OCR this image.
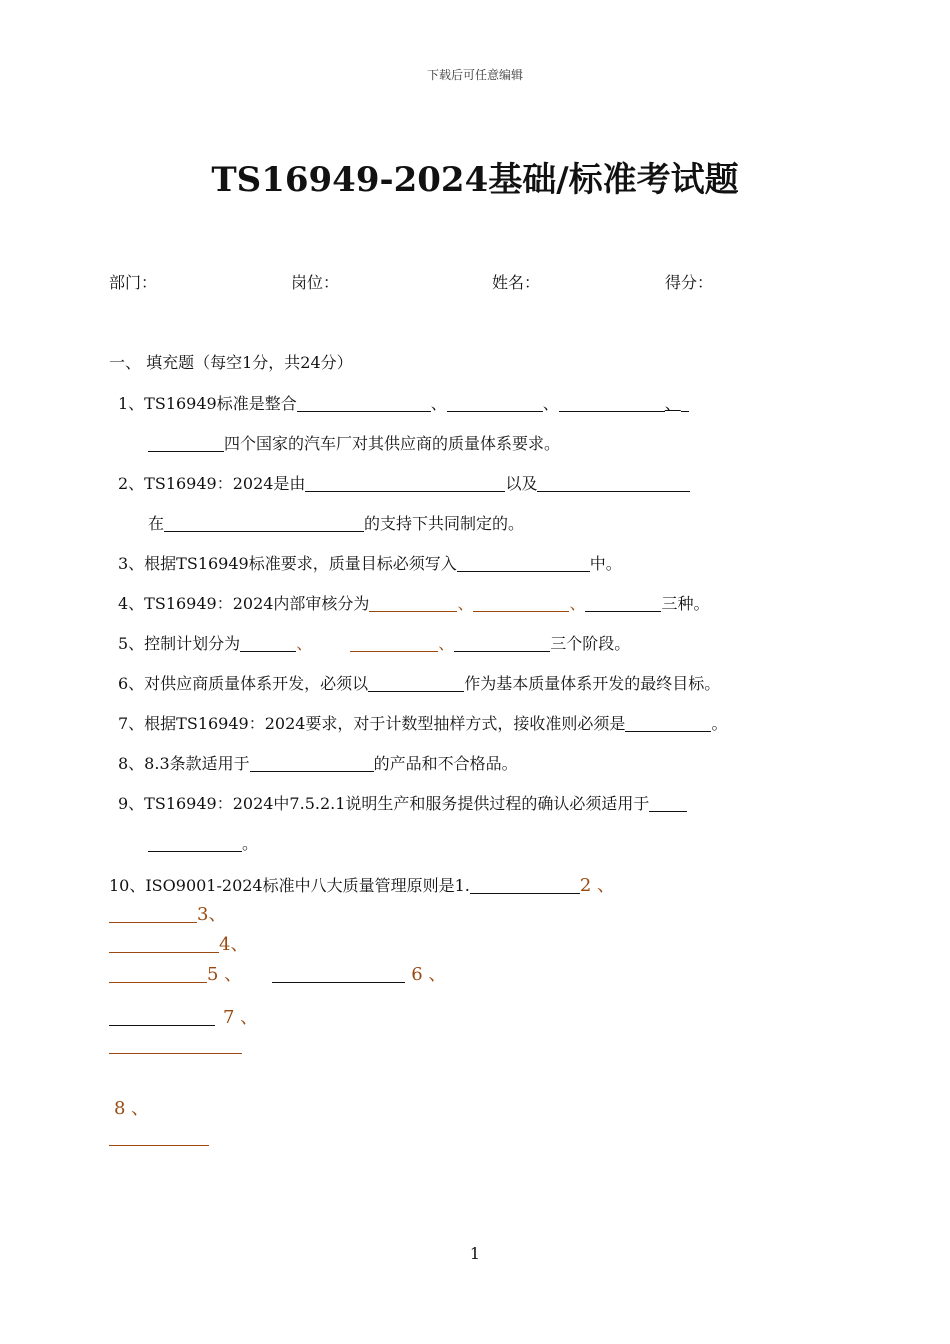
下载后可任意编辑
TS16949-2024基础/标准考试题
部门：	岗位：	姓名：	得分：
一、 填充题（每空1分，共24分）
1、TS16949标准是整合	、	、	、
四个国家的汽车厂对其供应商的质量体系要求。
2、TS16949：2024是由	以及
在	的支持下共同制定的。
3、根据TS16949标准要求，质量目标必须写入	中。
4、TS16949：2024内部审核分为	、	、	三种。
5、控制计划分为	、	、	三个阶段。
6、对供应商质量体系开发，必须以	作为基本质量体系开发的最终目标。
7、根据TS16949：2024要求，对于计数型抽样方式，接收准则必须是	。
8、8.3条款适用于	的产品和不合格品。
9、TS16949：2024中7.5.2.1说明生产和服务提供过程的确认必须适用于
。
10、ISO9001-2024标准中八大质量管理原则是1.	2 、
3、
4、
5 、	6 、
7 、
8 、
1
